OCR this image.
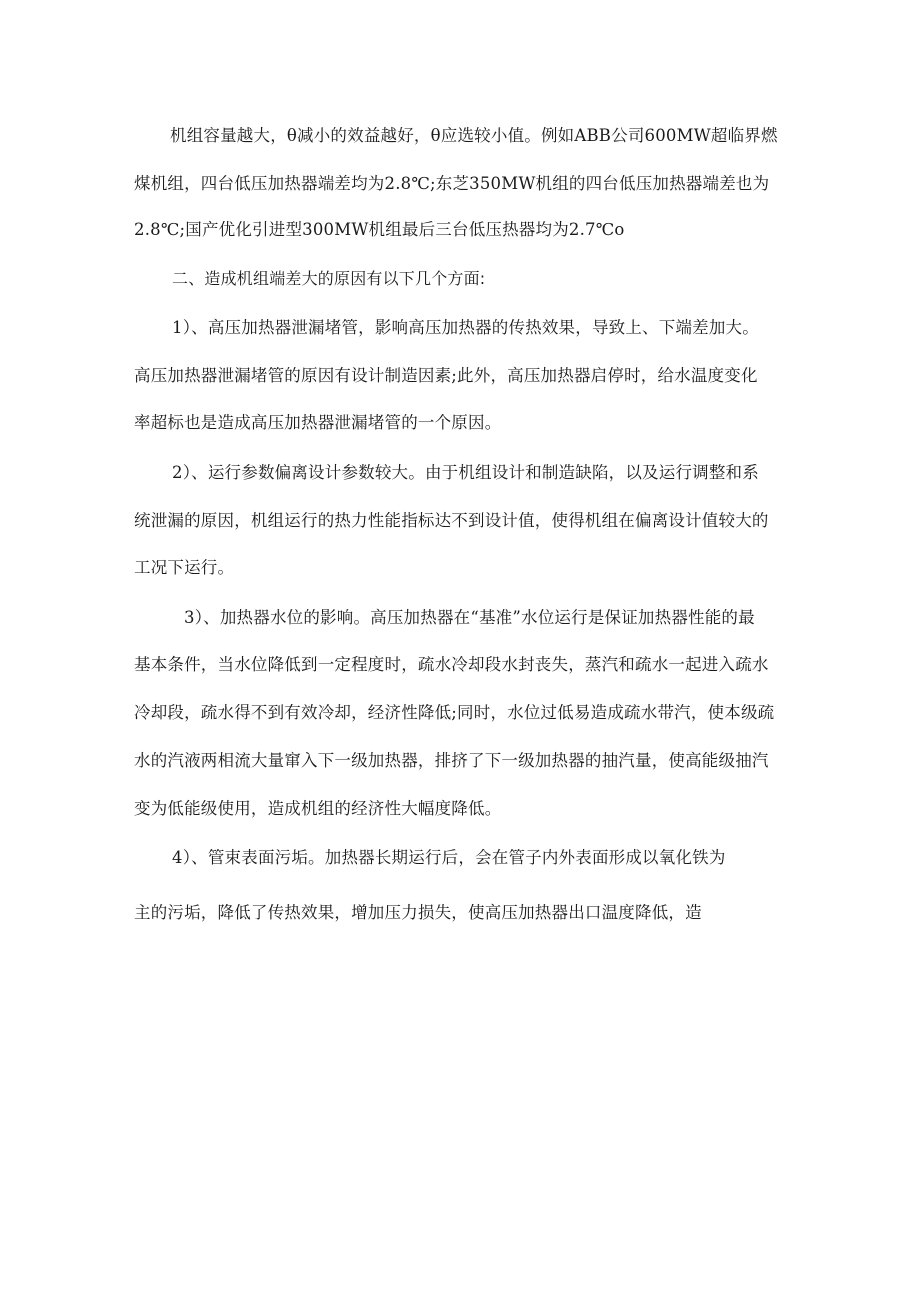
机组容量越大，θ减小的效益越好，θ应选较小值。例如ABB公司600MW超临界燃
煤机组，四台低压加热器端差均为2.8℃;东芝350MW机组的四台低压加热器端差也为
2.8℃;国产优化引进型300MW机组最后三台低压热器均为2.7℃o
二、造成机组端差大的原因有以下几个方面:
1）、高压加热器泄漏堵管，影响高压加热器的传热效果，导致上、下端差加大。
高压加热器泄漏堵管的原因有设计制造因素;此外，高压加热器启停时，给水温度变化
率超标也是造成高压加热器泄漏堵管的一个原因。
2）、运行参数偏离设计参数较大。由于机组设计和制造缺陷，以及运行调整和系
统泄漏的原因，机组运行的热力性能指标达不到设计值，使得机组在偏离设计值较大的
工况下运行。
3）、加热器水位的影响。高压加热器在“基准”水位运行是保证加热器性能的最
基本条件，当水位降低到一定程度时，疏水冷却段水封丧失，蒸汽和疏水一起进入疏水
冷却段，疏水得不到有效冷却，经济性降低;同时，水位过低易造成疏水带汽，使本级疏
水的汽液两相流大量窜入下一级加热器，排挤了下一级加热器的抽汽量，使高能级抽汽
变为低能级使用，造成机组的经济性大幅度降低。
4）、管束表面污垢。加热器长期运行后，会在管子内外表面形成以氧化铁为
主的污垢，降低了传热效果，增加压力损失，使高压加热器出口温度降低，造
